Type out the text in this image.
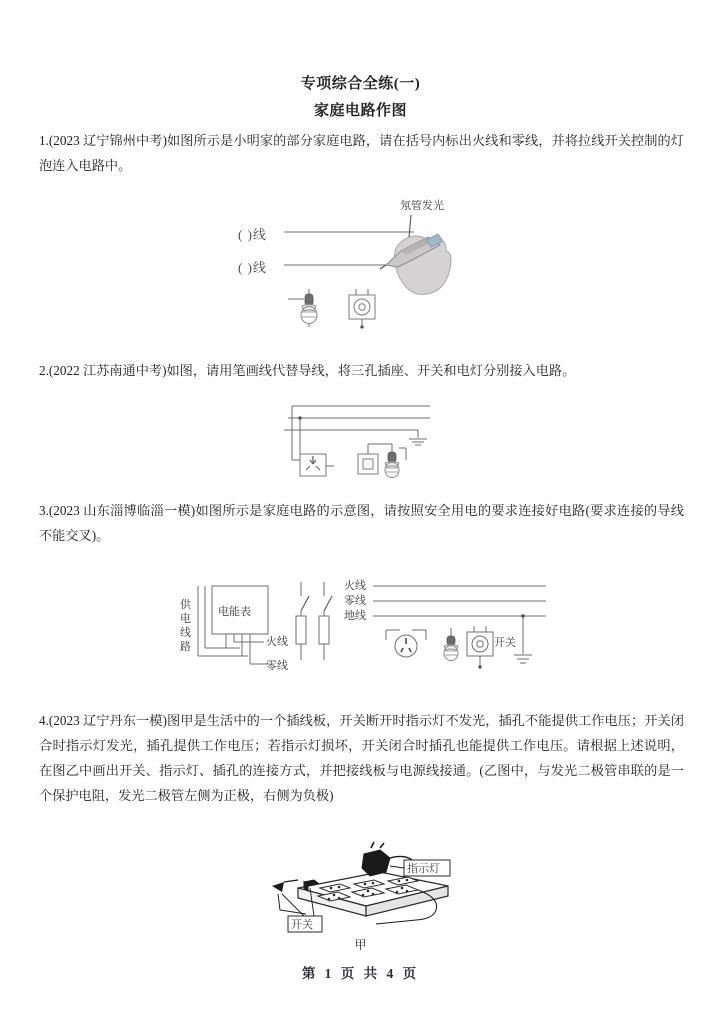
专项综合全练(一)
家庭电路作图
1.(2023 辽宁锦州中考)如图所示是小明家的部分家庭电路，请在括号内标出火线和零线，并将拉线开关控制的灯泡连入电路中。
( )线
( )线
氖管发光
2.(2022 江苏南通中考)如图，请用笔画线代替导线，将三孔插座、开关和电灯分别接入电路。
3.(2023 山东淄博临淄一模)如图所示是家庭电路的示意图，请按照安全用电的要求连接好电路(要求连接的导线不能交叉)。
供
电
线
路
电能表
火线
零线
火线
零线
地线
开关
4.(2023 辽宁丹东一模)图甲是生活中的一个插线板，开关断开时指示灯不发光，插孔不能提供工作电压；开关闭合时指示灯发光，插孔提供工作电压；若指示灯损坏，开关闭合时插孔也能提供工作电压。请根据上述说明，在图乙中画出开关、指示灯、插孔的连接方式，并把接线板与电源线接通。(乙图中，与发光二极管串联的是一个保护电阻，发光二极管左侧为正极，右侧为负极)
指示灯
开关
甲
第 1 页 共 4 页
